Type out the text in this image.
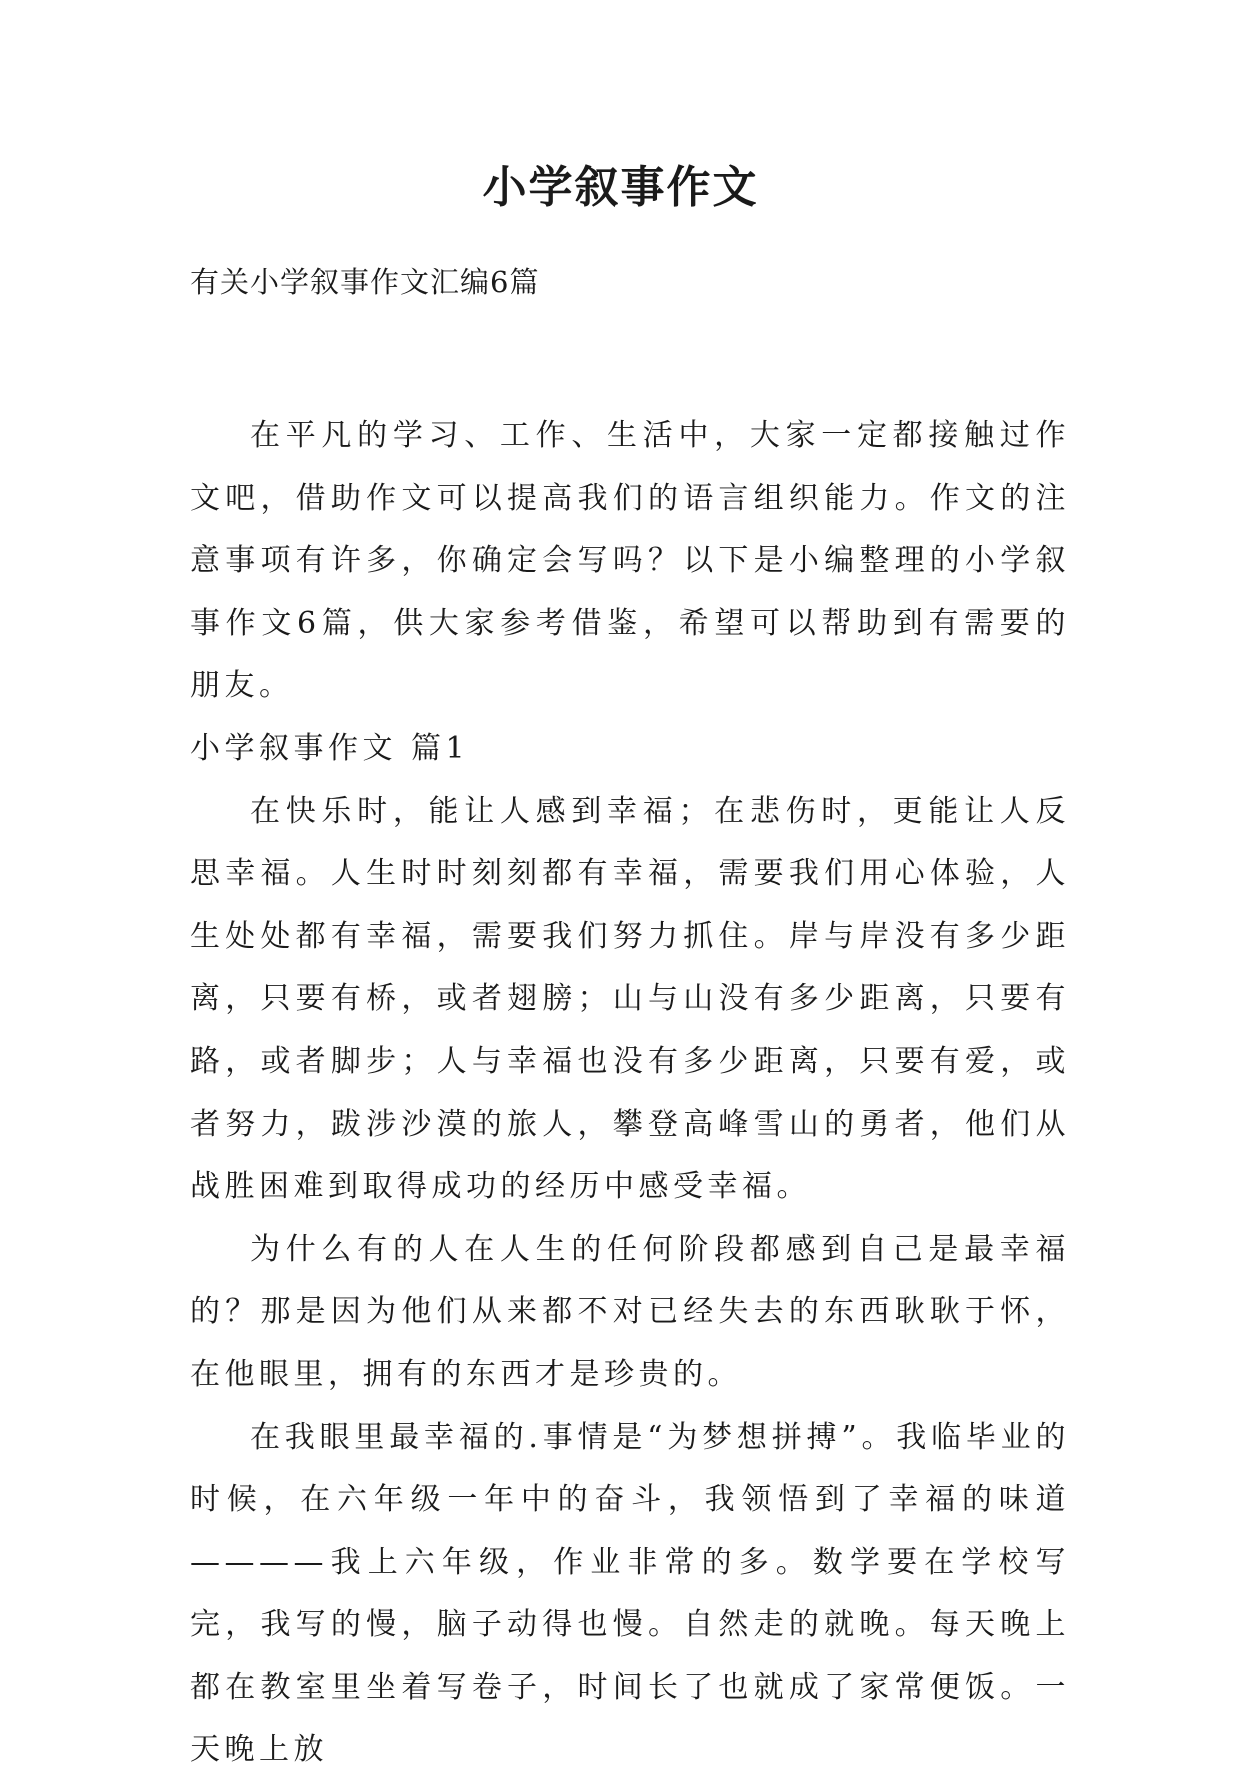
小学叙事作文

有关小学叙事作文汇编6篇

在平凡的学习、工作、生活中，大家一定都接触过作文吧，借助作文可以提高我们的语言组织能力。作文的注意事项有许多，你确定会写吗？以下是小编整理的小学叙事作文6篇，供大家参考借鉴，希望可以帮助到有需要的朋友。

小学叙事作文 篇1

在快乐时，能让人感到幸福；在悲伤时，更能让人反思幸福。人生时时刻刻都有幸福，需要我们用心体验，人生处处都有幸福，需要我们努力抓住。岸与岸没有多少距离，只要有桥，或者翅膀；山与山没有多少距离，只要有路，或者脚步；人与幸福也没有多少距离，只要有爱，或者努力，跋涉沙漠的旅人，攀登高峰雪山的勇者，他们从战胜困难到取得成功的经历中感受幸福。

为什么有的人在人生的任何阶段都感到自己是最幸福的？那是因为他们从来都不对已经失去的东西耿耿于怀，在他眼里，拥有的东西才是珍贵的。

在我眼里最幸福的.事情是“为梦想拼搏”。我临毕业的时候，在六年级一年中的奋斗，我领悟到了幸福的味道————我上六年级，作业非常的多。数学要在学校写完，我写的慢，脑子动得也慢。自然走的就晚。每天晚上都在教室里坐着写卷子，时间长了也就成了家常便饭。一天晚上放
